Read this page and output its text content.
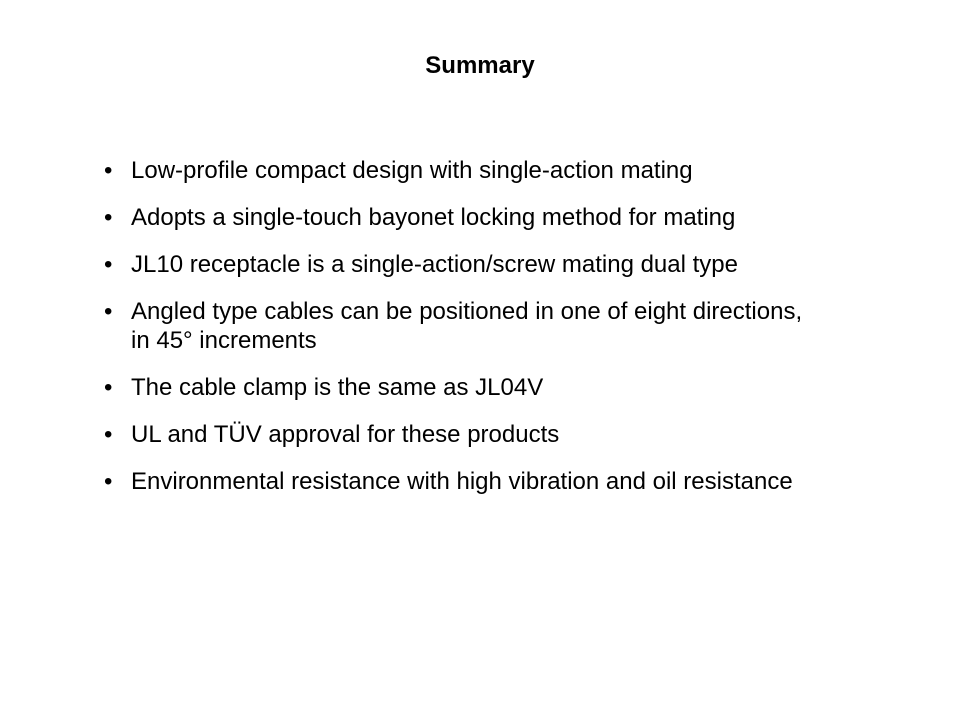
Summary
• Low-profile compact design with single-action mating
• Adopts a single-touch bayonet locking method for mating
• JL10 receptacle is a single-action/screw mating dual type
• Angled type cables can be positioned in one of eight directions, in 45° increments
• The cable clamp is the same as JL04V
• UL and TÜV approval for these products
• Environmental resistance with high vibration and oil resistance
